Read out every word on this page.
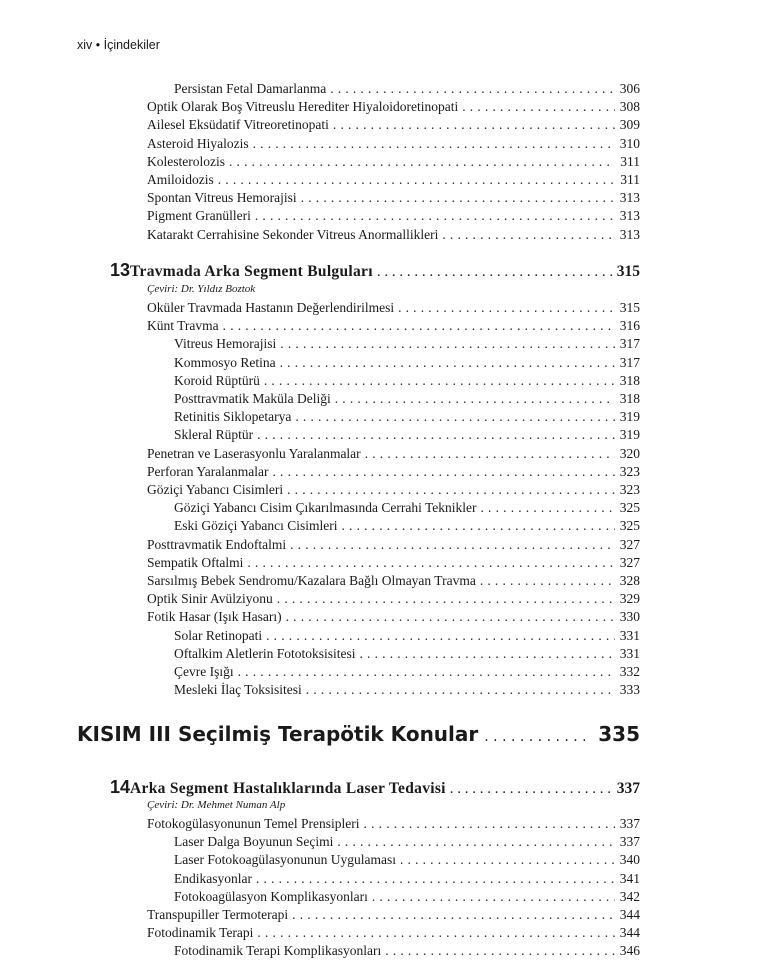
xiv • İçindekiler
Persistan Fetal Damarlanma . . .	306
Optik Olarak Boş Vitreuslu Herediter Hiyaloidoretinopati . . .	308
Ailesel Eksüdatif Vitreoretinopati . . .	309
Asteroid Hiyalozis . . .	310
Kolesterolozis . . .	311
Amiloidozis . . .	311
Spontan Vitreus Hemorajisi . . .	313
Pigment Granülleri . . .	313
Katarakt Cerrahisine Sekonder Vitreus Anormallikleri . . .	313
13 Travmada Arka Segment Bulguları . . .	315
Çeviri: Dr. Yıldız Boztok
Oküler Travmada Hastanın Değerlendirilmesi . . .	315
Künt Travma . . .	316
Vitreus Hemorajisi . . .	317
Kommosyo Retina . . .	317
Koroid Rüptürü . . .	318
Posttravmatik Maküla Deliği . . .	318
Retinitis Siklopetarya . . .	319
Skleral Rüptür . . .	319
Penetran ve Laserasyonlu Yaralanmalar . . .	320
Perforan Yaralanmalar . . .	323
Göziçi Yabancı Cisimleri . . .	323
Göziçi Yabancı Cisim Çıkarılmasında Cerrahi Teknikler . . .	325
Eski Göziçi Yabancı Cisimleri . . .	325
Posttravmatik Endoftalmi . . .	327
Sempatik Oftalmi . . .	327
Sarsılmış Bebek Sendromu/Kazalara Bağlı Olmayan Travma . . .	328
Optik Sinir Avülziyonu . . .	329
Fotik Hasar (Işık Hasarı) . . .	330
Solar Retinopati . . .	331
Oftalkim Aletlerin Fototoksisitesi . . .	331
Çevre Işığı . . .	332
Mesleki İlaç Toksisitesi . . .	333
KISIM III Seçilmiş Terapötik Konular . . .	335
14 Arka Segment Hastalıklarında Laser Tedavisi . . .	337
Çeviri: Dr. Mehmet Numan Alp
Fotokogülasyonunun Temel Prensipleri . . .	337
Laser Dalga Boyunun Seçimi . . .	337
Laser Fotokoagülasyonunun Uygulaması . . .	340
Endikasyonlar . . .	341
Fotokoagülasyon Komplikasyonları . . .	342
Transpupiller Termoterapi . . .	344
Fotodinamik Terapi . . .	344
Fotodinamik Terapi Komplikasyonları . . .	346
